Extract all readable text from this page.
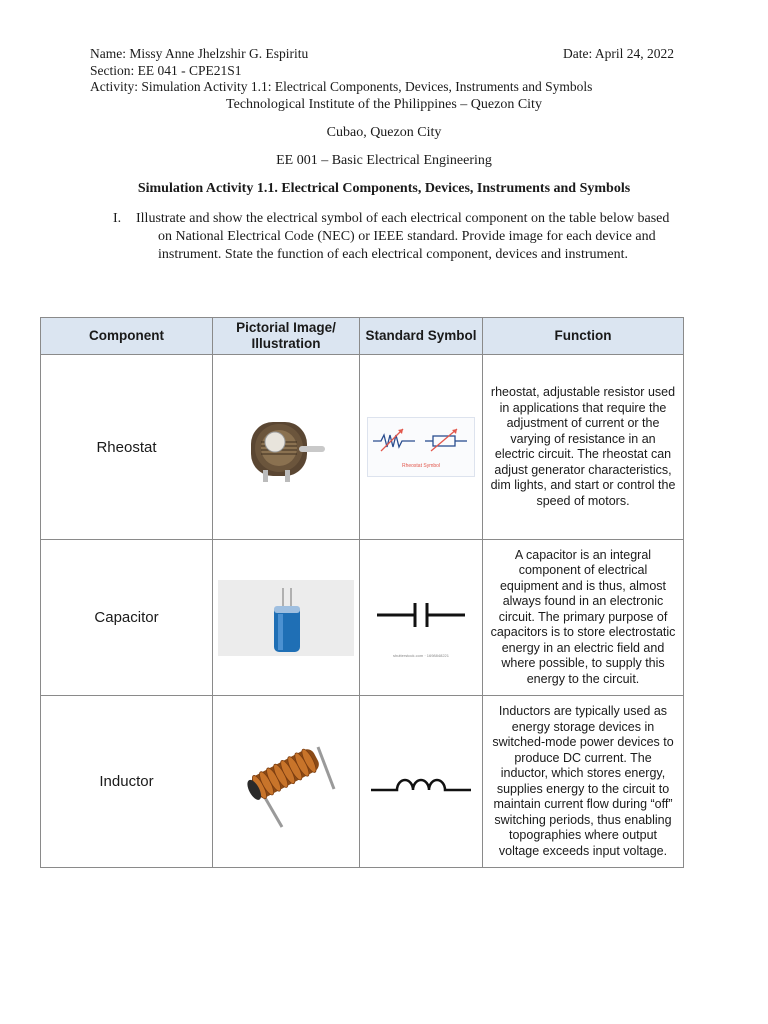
Name: Missy Anne Jhelzshir G. Espiritu	Date: April 24, 2022
Section: EE 041 - CPE21S1
Activity: Simulation Activity 1.1: Electrical Components, Devices, Instruments and Symbols
Technological Institute of the Philippines – Quezon City
Cubao, Quezon City
EE 001 – Basic Electrical Engineering
Simulation Activity 1.1. Electrical Components, Devices, Instruments and Symbols
I. Illustrate and show the electrical symbol of each electrical component on the table below based on National Electrical Code (NEC) or IEEE standard. Provide image for each device and instrument. State the function of each electrical component, devices and instrument.
Component	Pictorial Image/ Illustration	Standard Symbol	Function
Rheostat		Rheostat Symbol	rheostat, adjustable resistor used in applications that require the adjustment of current or the varying of resistance in an electric circuit. The rheostat can adjust generator characteristics, dim lights, and start or control the speed of motors.
Capacitor		shutterstock.com · 1698848221	A capacitor is an integral component of electrical equipment and is thus, almost always found in an electronic circuit. The primary purpose of capacitors is to store electrostatic energy in an electric field and where possible, to supply this energy to the circuit.
Inductor			Inductors are typically used as energy storage devices in switched-mode power devices to produce DC current. The inductor, which stores energy, supplies energy to the circuit to maintain current flow during “off” switching periods, thus enabling topographies where output voltage exceeds input voltage.
